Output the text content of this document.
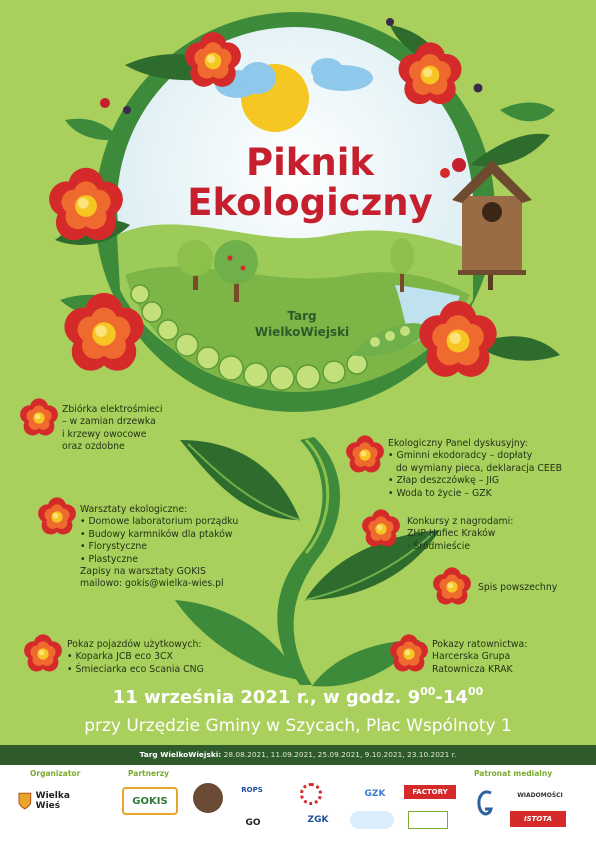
Piknik
Ekologiczny
Targ
WielkoWiejski
Zbiórka elektrośmieci
– w zamian drzewka
i krzewy owocowe
oraz ozdobne	Ekologiczny Panel dyskusyjny:
• Gminni ekodoradcy – dopłaty
do wymiany pieca, deklaracja CEEB
• Złap deszczówkę – JIG
• Woda to życie – GZK
Warsztaty ekologiczne:
• Domowe laboratorium porządku
• Budowy karmników dla ptaków
• Florystyczne
• Plastyczne
Zapisy na warsztaty GOKIS
mailowo: gokis@wielka-wies.pl
Konkursy z nagrodami:
ZHP Hufiec Kraków
- Śródmieście
Spis powszechny
Pokaz pojazdów użytkowych:
• Koparka JCB eco 3CX
• Śmieciarka eco Scania CNG
Pokazy ratownictwa:
Harcerska Grupa
Ratownicza KRAK
11 września 2021 r., w godz. $9^{00}-14^{00}$
przy Urzędzie Gminy w Szycach, Plac Wspólnoty 1
Targ WielkoWiejski: 28.08.2021, 11.09.2021, 25.09.2021, 9.10.2021, 23.10.2021 r.
Organizator	Partnerzy	Patronat medialny
Wielka Wieś	GOKIS
ROPS
GO	ZGK
GZK	FACTORY	WIADOMOŚCI
ISTOTA
